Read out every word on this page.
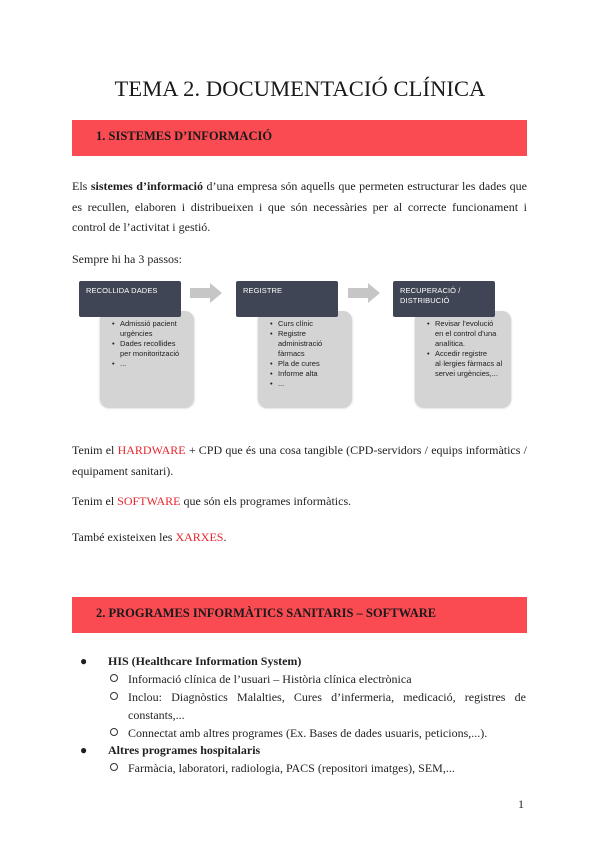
TEMA 2. DOCUMENTACIÓ CLÍNICA
1. SISTEMES D’INFORMACIÓ
Els sistemes d’informació d’una empresa són aquells que permeten estructurar les dades que es recullen, elaboren i distribueixen i que són necessàries per al correcte funcionament i control de l’activitat i gestió.
Sempre hi ha 3 passos:
• Admissió pacient urgències
• Dades recollides per monitorització
• ...
RECOLLIDA DADES
• Curs clínic
• Registre administració fàrmacs
• Pla de cures
• Informe alta
• ...
REGISTRE
• Revisar l’evolució en el control d’una analítica.
• Accedir registre al·lergies fàrmacs al servei urgències,...
RECUPERACIÓ / DISTRIBUCIÓ
Tenim el HARDWARE + CPD que és una cosa tangible (CPD-servidors / equips informàtics / equipament sanitari).
Tenim el SOFTWARE que són els programes informàtics.
També existeixen les XARXES.
2. PROGRAMES INFORMÀTICS SANITARIS – SOFTWARE
● HIS (Healthcare Information System)
Informació clínica de l’usuari – Història clínica electrònica
Inclou: Diagnòstics Malalties, Cures d’infermeria, medicació, registres de constants,...
Connectat amb altres programes (Ex. Bases de dades usuaris, peticions,...).
● Altres programes hospitalaris
Farmàcia, laboratori, radiologia, PACS (repositori imatges), SEM,...
1
